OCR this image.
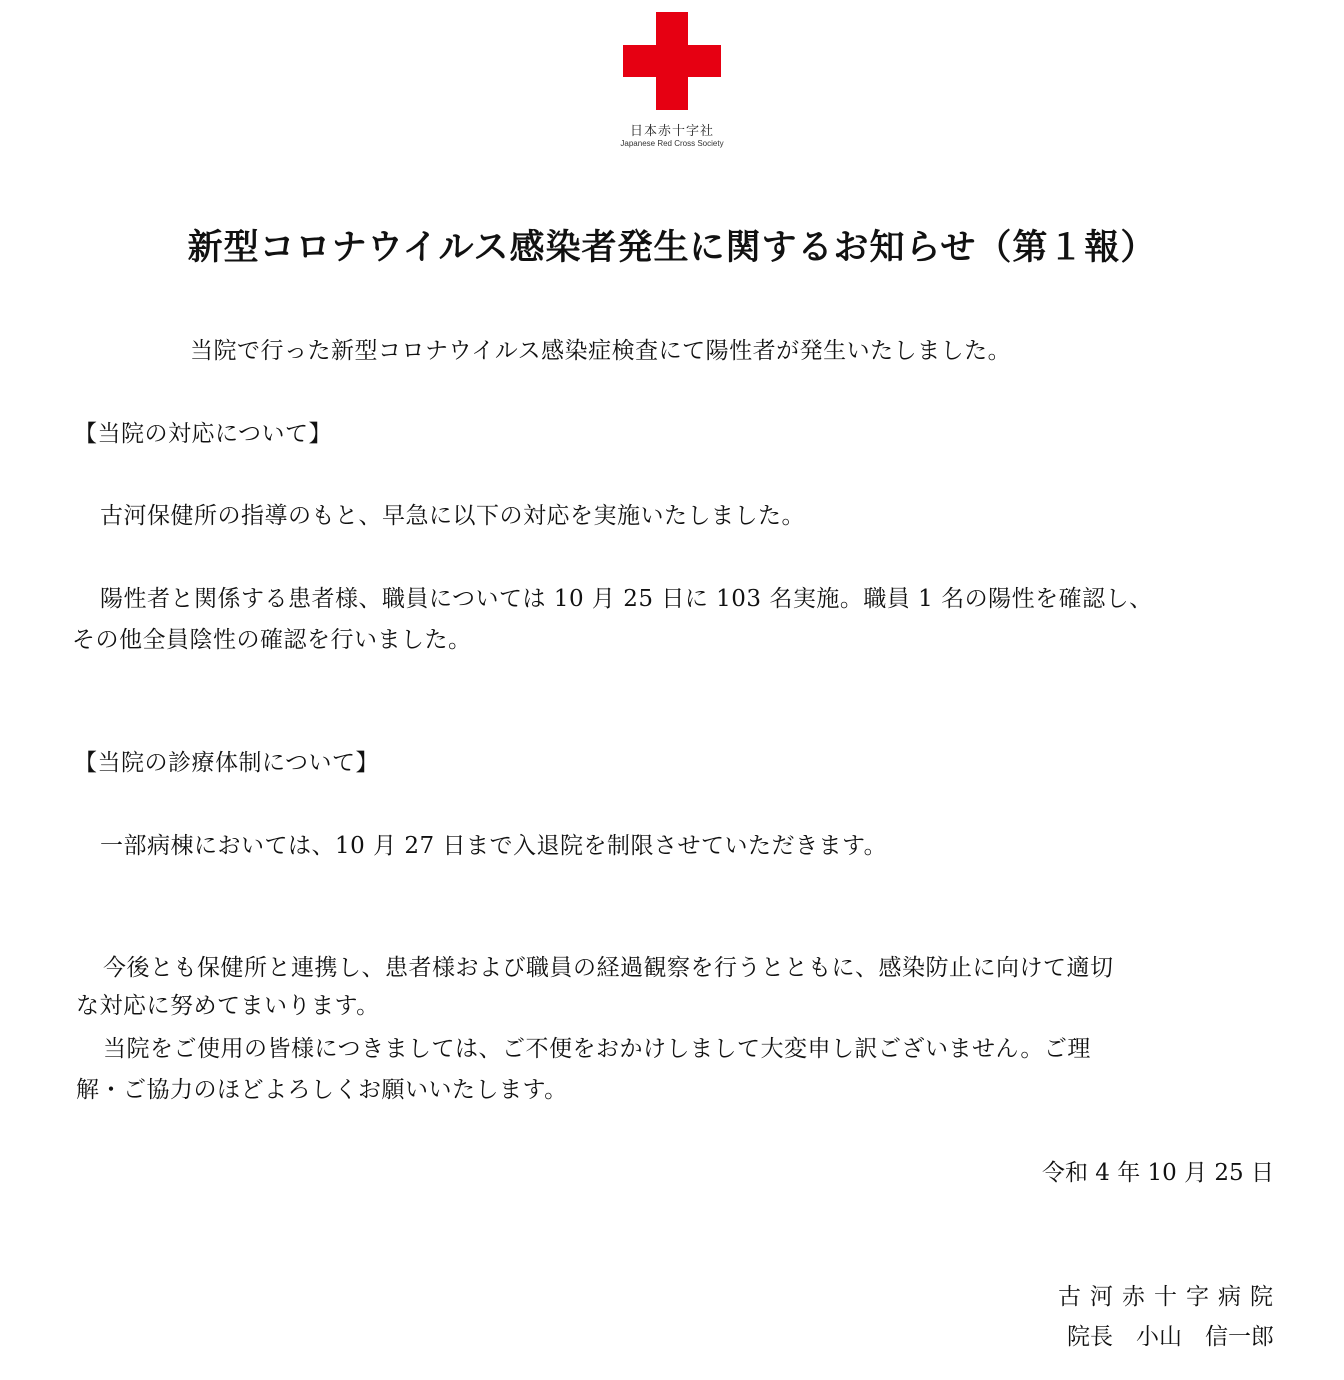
日本赤十字社
Japanese Red Cross Society
新型コロナウイルス感染者発生に関するお知らせ（第１報）
当院で行った新型コロナウイルス感染症検査にて陽性者が発生いたしました。
【当院の対応について】
古河保健所の指導のもと、早急に以下の対応を実施いたしました。
陽性者と関係する患者様、職員については 10 月 25 日に 103 名実施。職員 1 名の陽性を確認し、
その他全員陰性の確認を行いました。
【当院の診療体制について】
一部病棟においては、10 月 27 日まで入退院を制限させていただきます。
今後とも保健所と連携し、患者様および職員の経過観察を行うとともに、感染防止に向けて適切
な対応に努めてまいります。
当院をご使用の皆様につきましては、ご不便をおかけしまして大変申し訳ございません。ご理
解・ご協力のほどよろしくお願いいたします。
令和 4 年 10 月 25 日
古河赤十字病院
院長　小山　信一郎
